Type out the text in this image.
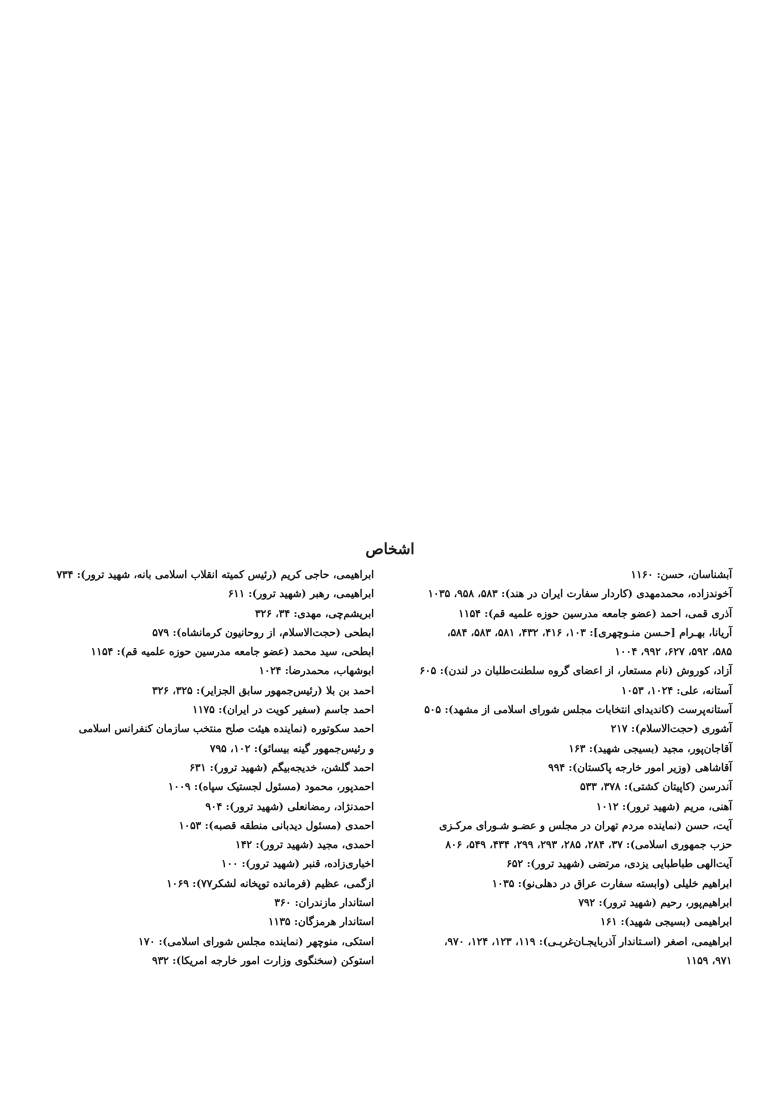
اشخاص
آبشناسان، حسن: ۱۱۶۰
آخوندزاده، محمدمهدی (کاردار سفارت ایران در هند): ۵۸۳، ۹۵۸، ۱۰۳۵
آذری قمی، احمد (عضو جامعه مدرسین حوزه علمیه قم): ۱۱۵۴
آریانا، بهـرام [حـسن منـوچهری]: ۱۰۳، ۴۱۶، ۴۳۲، ۵۸۱، ۵۸۳، ۵۸۴،
۵۸۵، ۵۹۲، ۶۲۷، ۹۹۲، ۱۰۰۴
آزاد، کوروش (نام مستعار، از اعضای گروه سلطنت‌طلبان در لندن): ۶۰۵
آستانه، علی: ۱۰۲۴، ۱۰۵۳
آستانه‌پرست (کاندیدای انتخابات مجلس شورای اسلامی از مشهد): ۵۰۵
آشوری (حجت‌الاسلام): ۲۱۷
آقاجان‌پور، مجید (بسیجی شهید): ۱۶۳
آقاشاهی (وزیر امور خارجه پاکستان): ۹۹۴
آندرسن (کاپیتان کشتی): ۳۷۸، ۵۳۳
آهنی، مریم (شهید ترور): ۱۰۱۲
آیت، حسن (نماینده مردم تهران در مجلس و عضـو شـورای مرکـزی
حزب جمهوری اسلامی): ۳۷، ۲۸۴، ۲۸۵، ۲۹۳، ۲۹۹، ۴۳۴، ۵۴۹، ۸۰۶
آیت‌الهی طباطبایی یزدی، مرتضی (شهید ترور): ۶۵۲
ابراهیم خلیلی (وابسته سفارت عراق در دهلی‌نو): ۱۰۳۵
ابراهیم‌پور، رحیم (شهید ترور): ۷۹۲
ابراهیمی (بسیجی شهید): ۱۶۱
ابراهیمی، اصغر (اسـتاندار آذربایجـان‌غربـی): ۱۱۹، ۱۲۳، ۱۲۴، ۹۷۰،
۹۷۱، ۱۱۵۹
ابراهیمی، حاجی کریم (رئیس کمیته انقلاب اسلامی بانه، شهید ترور): ۷۳۴
ابراهیمی، رهبر (شهید ترور): ۶۱۱
ابریشم‌چی، مهدی: ۳۴، ۳۲۶
ابطحی (حجت‌الاسلام، از روحانیون کرمانشاه): ۵۷۹
ابطحی، سید محمد (عضو جامعه مدرسین حوزه علمیه قم): ۱۱۵۴
ابوشهاب، محمدرضا: ۱۰۲۴
احمد بن بلا (رئیس‌جمهور سابق الجزایر): ۳۲۵، ۳۲۶
احمد جاسم (سفیر کویت در ایران): ۱۱۷۵
احمد سکوتوره (نماینده هیئت صلح منتخب سازمان کنفرانس اسلامی
و رئیس‌جمهور گینه بیسائو): ۱۰۲، ۷۹۵
احمد گلشن، خدیجه‌بیگم (شهید ترور): ۶۳۱
احمدپور، محمود (مسئول لجستیک سپاه): ۱۰۰۹
احمدنژاد، رمضانعلی (شهید ترور): ۹۰۴
احمدی (مسئول دیدبانی منطقه قصبه): ۱۰۵۳
احمدی، مجید (شهید ترور): ۱۴۲
اخباری‌زاده، قنبر (شهید ترور): ۱۰۰
ازگمی، عظیم (فرمانده توپخانه لشکر۷۷): ۱۰۶۹
استاندار مازندران: ۳۶۰
استاندار هرمزگان: ۱۱۳۵
استکی، منوچهر (نماینده مجلس شورای اسلامی): ۱۷۰
استوکن (سخنگوی وزارت امور خارجه امریکا): ۹۳۲
